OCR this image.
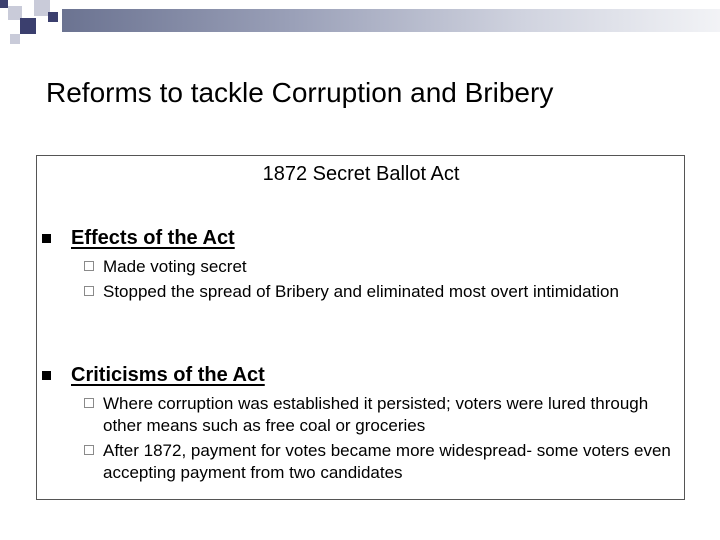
Reforms to tackle Corruption and Bribery
1872 Secret Ballot Act
Effects of the Act
Made voting secret
Stopped the spread of Bribery and eliminated most overt intimidation
Criticisms of the Act
Where corruption was established it persisted; voters were lured through other means such as free coal or groceries
After 1872, payment for votes became more widespread- some voters even accepting payment from two candidates
